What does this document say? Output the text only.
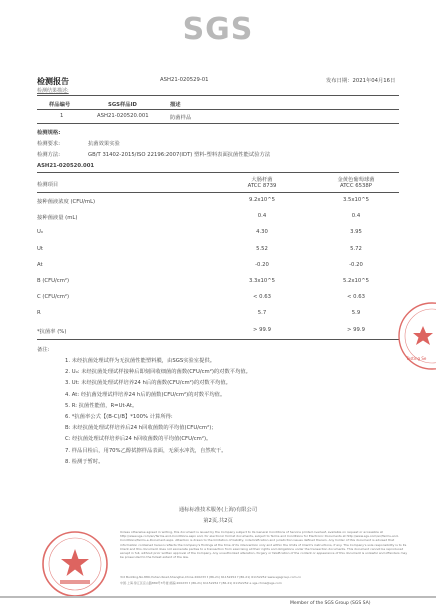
SGS
检测报告	ASH21-020529-01	发布日期：2021年04月16日
检测结果描述:
样品编号	SGS样品ID	描述
1	ASH21-020520.001	防菌样品
检测规格:
检测要求:	抗菌效果实验
检测方法:	GB/T 31402-2015/ISO 22196:2007(IDT) 塑料-塑料表面抗菌性能试验方法
ASH21-020520.001
检测项目
大肠杆菌
ATCC 8739
金黄色葡萄球菌
ATCC 6538P
接种菌液浓度 (CFU/mL)	9.2x10^5	3.5x10^5
接种菌液量 (mL)	0.4	0.4
U₀	4.30	3.95
Ut	5.52	5.72
At	-0.20	-0.20
B (CFU/cm²)	3.3x10^5	5.2x10^5
C (CFU/cm²)	< 0.63	< 0.63
R	5.7	5.9
*抗菌率 (%)	> 99.9	> 99.9
备注:
1. 未经抗菌处理试样为无抗菌性能塑料膜，由SGS实验室提供。
2. U₀: 未经抗菌处理试样接种后即刻回收细菌的菌数(CFU/cm²)的对数平均值。
3. Ut: 未经抗菌处理试样培养24 h后的菌数(CFU/cm²)的对数平均值。
4. At: 经抗菌处理试样培养24 h后的菌数(CFU/cm²)的对数平均值。
5. R: 抗菌性能值，R=Ut-At。
6. *抗菌率公式【(B-C)/B】*100% 计算所得:
B: 未经抗菌处理试样培养后24 h回收菌数的平均值(CFU/cm²)；
C: 经抗菌处理试样培养后24 h回收菌数的平均值(CFU/cm²)。
7. 样品目检后，用70%乙醇拭擦样品表面，无须水冲洗，自然吹干。
8. 检测于暂时。
Testing Se
通标标准技术服务(上海)有限公司
第2页,共2页
Unless otherwise agreed in writing, this document is issued by the Company subject to its General Conditions of Service printed overleaf, available on request or accessible at http://www.sgs.com/en/Terms-and-Conditions.aspx and, for electronic format documents, subject to Terms and Conditions for Electronic Documents at http://www.sgs.com/en/Terms-and-Conditions/Terms-e-Document.aspx. Attention is drawn to the limitation of liability, indemnification and jurisdiction issues defined therein. Any holder of this document is advised that information contained hereon reflects the Company's findings at the time of its intervention only and within the limits of Client's instructions, if any. The Company's sole responsibility is to its Client and this document does not exonerate parties to a transaction from exercising all their rights and obligations under the transaction documents. This document cannot be reproduced except in full, without prior written approval of the Company. Any unauthorized alteration, forgery or falsification of the content or appearance of this document is unlawful and offenders may be prosecuted to the fullest extent of the law.
3rd Building,No.889,Yishan Road,Shanghai,China 200233 t (86-21) 61152252 f (86-21) 61152252 www.sgsgroup.com.cn
中国·上海·徐汇区宜山路889号3号楼 邮编:200233 t (86-21) 61152252 f (86-21) 61152252 e sgs.china@sgs.com
Member of the SGS Group (SGS SA)
